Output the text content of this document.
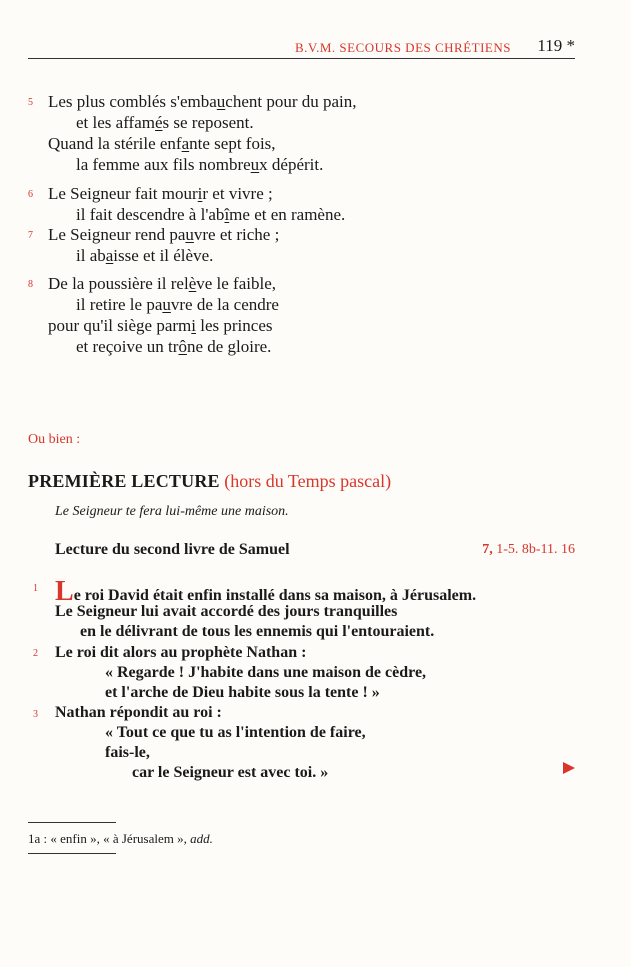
B.V.M. SECOURS DES CHRÉTIENS 119 *
5 Les plus comblés s'embauchent pour du pain,
et les affamés se reposent.
Quand la stérile enfante sept fois,
la femme aux fils nombreux dépérit.
6 Le Seigneur fait mourir et vivre ;
il fait descendre à l'abîme et en ramène.
7 Le Seigneur rend pauvre et riche ;
il abaisse et il élève.
8 De la poussière il relève le faible,
il retire le pauvre de la cendre
pour qu'il siège parmi les princes
et reçoive un trône de gloire.
Ou bien :
PREMIÈRE LECTURE (hors du Temps pascal)
Le Seigneur te fera lui-même une maison.
Lecture du second livre de Samuel	7, 1-5. 8b-11. 16
1 Le roi David était enfin installé dans sa maison, à Jérusalem.
Le Seigneur lui avait accordé des jours tranquilles
en le délivrant de tous les ennemis qui l'entouraient.
2 Le roi dit alors au prophète Nathan :
« Regarde ! J'habite dans une maison de cèdre,
et l'arche de Dieu habite sous la tente ! »
3 Nathan répondit au roi :
« Tout ce que tu as l'intention de faire,
fais-le,
car le Seigneur est avec toi. »
1a : « enfin », « à Jérusalem », add.
